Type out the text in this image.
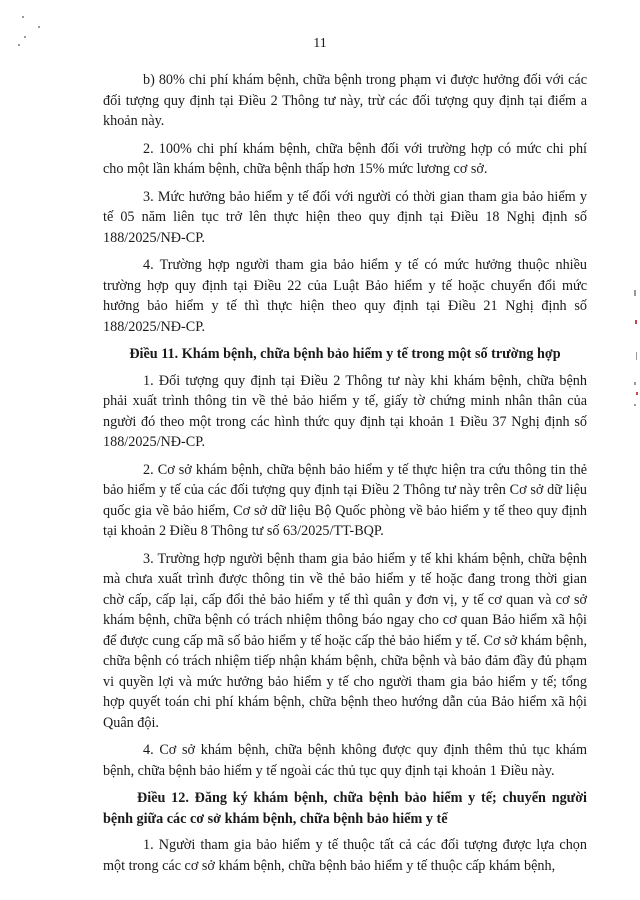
11

b) 80% chi phí khám bệnh, chữa bệnh trong phạm vi được hưởng đối với các đối tượng quy định tại Điều 2 Thông tư này, trừ các đối tượng quy định tại điểm a khoản này.

2. 100% chi phí khám bệnh, chữa bệnh đối với trường hợp có mức chi phí cho một lần khám bệnh, chữa bệnh thấp hơn 15% mức lương cơ sở.

3. Mức hưởng bảo hiểm y tế đối với người có thời gian tham gia bảo hiểm y tế 05 năm liên tục trở lên thực hiện theo quy định tại Điều 18 Nghị định số 188/2025/NĐ-CP.

4. Trường hợp người tham gia bảo hiểm y tế có mức hưởng thuộc nhiều trường hợp quy định tại Điều 22 của Luật Bảo hiểm y tế hoặc chuyển đổi mức hưởng bảo hiểm y tế thì thực hiện theo quy định tại Điều 21 Nghị định số 188/2025/NĐ-CP.

Điều 11. Khám bệnh, chữa bệnh bảo hiểm y tế trong một số trường hợp

1. Đối tượng quy định tại Điều 2 Thông tư này khi khám bệnh, chữa bệnh phải xuất trình thông tin về thẻ bảo hiểm y tế, giấy tờ chứng minh nhân thân của người đó theo một trong các hình thức quy định tại khoản 1 Điều 37 Nghị định số 188/2025/NĐ-CP.

2. Cơ sở khám bệnh, chữa bệnh bảo hiểm y tế thực hiện tra cứu thông tin thẻ bảo hiểm y tế của các đối tượng quy định tại Điều 2 Thông tư này trên Cơ sở dữ liệu quốc gia về bảo hiểm, Cơ sở dữ liệu Bộ Quốc phòng về bảo hiểm y tế theo quy định tại khoản 2 Điều 8 Thông tư số 63/2025/TT-BQP.

3. Trường hợp người bệnh tham gia bảo hiểm y tế khi khám bệnh, chữa bệnh mà chưa xuất trình được thông tin về thẻ bảo hiểm y tế hoặc đang trong thời gian chờ cấp, cấp lại, cấp đổi thẻ bảo hiểm y tế thì quân y đơn vị, y tế cơ quan và cơ sở khám bệnh, chữa bệnh có trách nhiệm thông báo ngay cho cơ quan Bảo hiểm xã hội để được cung cấp mã số bảo hiểm y tế hoặc cấp thẻ bảo hiểm y tế. Cơ sở khám bệnh, chữa bệnh có trách nhiệm tiếp nhận khám bệnh, chữa bệnh và bảo đảm đầy đủ phạm vi quyền lợi và mức hưởng bảo hiểm y tế cho người tham gia bảo hiểm y tế; tổng hợp quyết toán chi phí khám bệnh, chữa bệnh theo hướng dẫn của Bảo hiểm xã hội Quân đội.

4. Cơ sở khám bệnh, chữa bệnh không được quy định thêm thủ tục khám bệnh, chữa bệnh bảo hiểm y tế ngoài các thủ tục quy định tại khoản 1 Điều này.

Điều 12. Đăng ký khám bệnh, chữa bệnh bảo hiểm y tế; chuyển người bệnh giữa các cơ sở khám bệnh, chữa bệnh bảo hiểm y tế

1. Người tham gia bảo hiểm y tế thuộc tất cả các đối tượng được lựa chọn một trong các cơ sở khám bệnh, chữa bệnh bảo hiểm y tế thuộc cấp khám bệnh,
